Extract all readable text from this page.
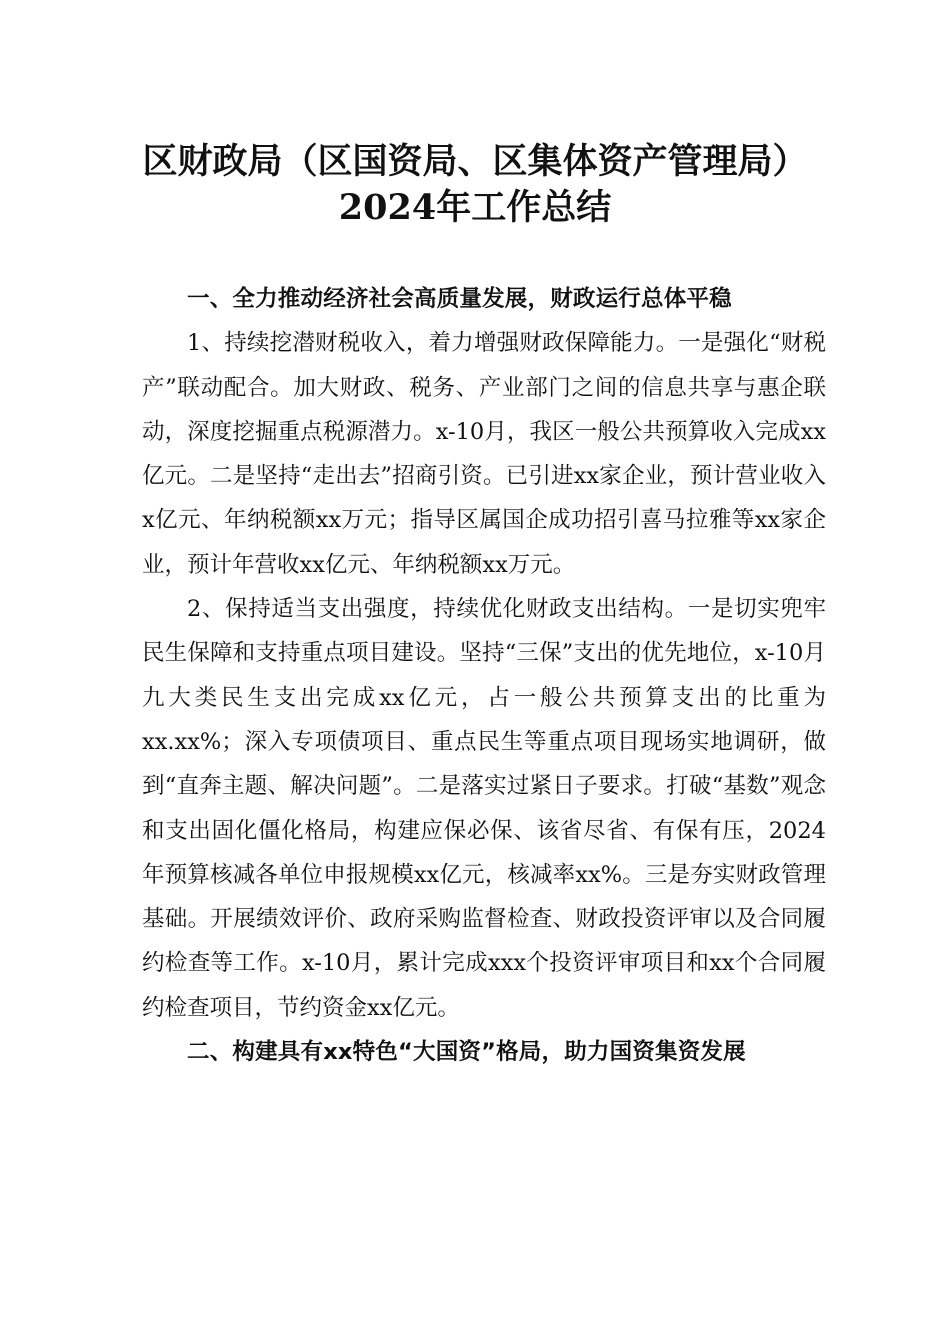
区财政局（区国资局、区集体资产管理局）
2024年工作总结

一、全力推动经济社会高质量发展，财政运行总体平稳

1、持续挖潜财税收入，着力增强财政保障能力。一是强化“财税产”联动配合。加大财政、税务、产业部门之间的信息共享与惠企联动，深度挖掘重点税源潜力。x-10月，我区一般公共预算收入完成xx亿元。二是坚持“走出去”招商引资。已引进xx家企业，预计营业收入x亿元、年纳税额xx万元；指导区属国企成功招引喜马拉雅等xx家企业，预计年营收xx亿元、年纳税额xx万元。

2、保持适当支出强度，持续优化财政支出结构。一是切实兜牢民生保障和支持重点项目建设。坚持“三保”支出的优先地位，x-10月九大类民生支出完成xx亿元，占一般公共预算支出的比重为xx.xx%；深入专项债项目、重点民生等重点项目现场实地调研，做到“直奔主题、解决问题”。二是落实过紧日子要求。打破“基数”观念和支出固化僵化格局，构建应保必保、该省尽省、有保有压，2024年预算核减各单位申报规模xx亿元，核减率xx%。三是夯实财政管理基础。开展绩效评价、政府采购监督检查、财政投资评审以及合同履约检查等工作。x-10月，累计完成xxx个投资评审项目和xx个合同履约检查项目，节约资金xx亿元。

二、构建具有xx特色“大国资”格局，助力国资集资发展
